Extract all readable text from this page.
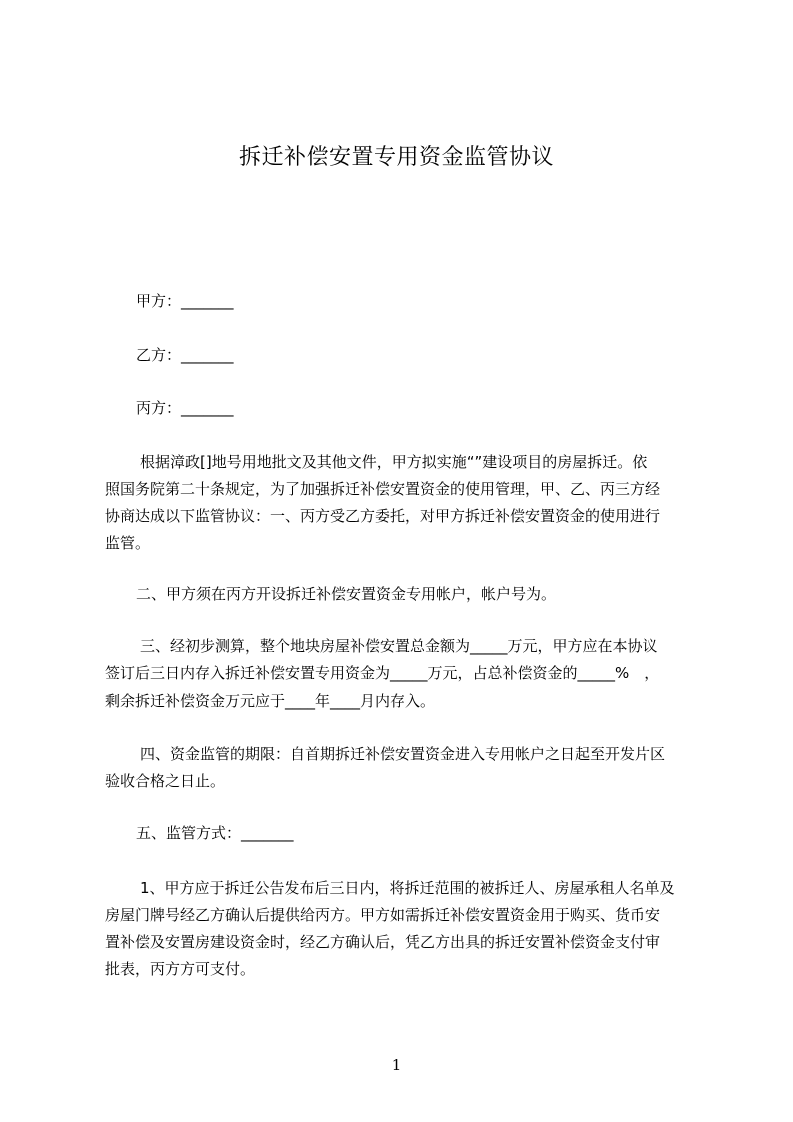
拆迁补偿安置专用资金监管协议
甲方：_______
乙方：_______
丙方：_______
根据漳政[]地号用地批文及其他文件，甲方拟实施“”建设项目的房屋拆迁。依
照国务院第二十条规定，为了加强拆迁补偿安置资金的使用管理，甲、乙、丙三方经
协商达成以下监管协议：一、丙方受乙方委托，对甲方拆迁补偿安置资金的使用进行
监管。
二、甲方须在丙方开设拆迁补偿安置资金专用帐户，帐户号为。
三、经初步测算，整个地块房屋补偿安置总金额为_____万元，甲方应在本协议
签订后三日内存入拆迁补偿安置专用资金为_____万元，占总补偿资金的_____%　，
剩余拆迁补偿资金万元应于____年____月内存入。
四、资金监管的期限：自首期拆迁补偿安置资金进入专用帐户之日起至开发片区
验收合格之日止。
五、监管方式：_______
1、甲方应于拆迁公告发布后三日内，将拆迁范围的被拆迁人、房屋承租人名单及
房屋门牌号经乙方确认后提供给丙方。甲方如需拆迁补偿安置资金用于购买、货币安
置补偿及安置房建设资金时，经乙方确认后，凭乙方出具的拆迁安置补偿资金支付审
批表，丙方方可支付。
1
